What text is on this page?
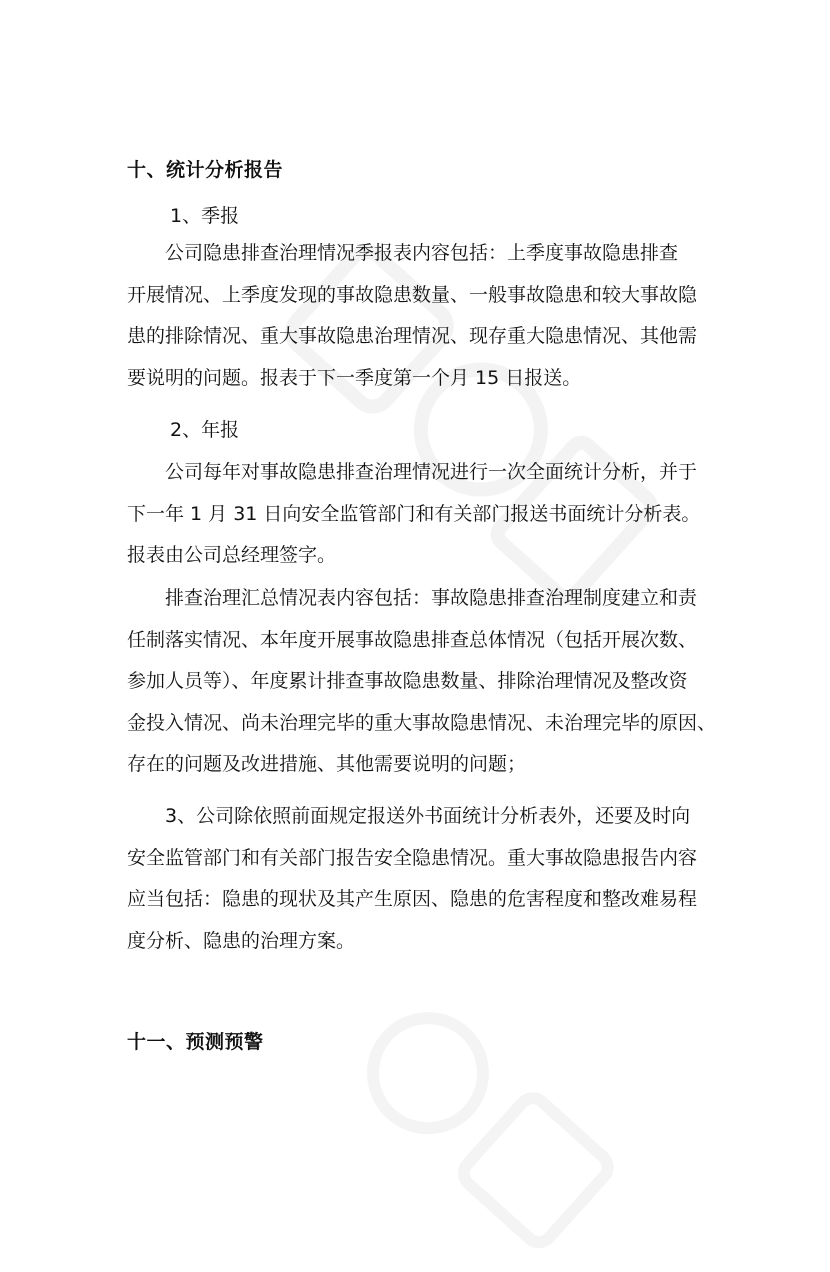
十、统计分析报告
1、季报
公司隐患排查治理情况季报表内容包括：上季度事故隐患排查
开展情况、上季度发现的事故隐患数量、一般事故隐患和较大事故隐
患的排除情况、重大事故隐患治理情况、现存重大隐患情况、其他需
要说明的问题。报表于下一季度第一个月 15 日报送。
2、年报
公司每年对事故隐患排查治理情况进行一次全面统计分析，并于
下一年 1 月 31 日向安全监管部门和有关部门报送书面统计分析表。
报表由公司总经理签字。
排查治理汇总情况表内容包括：事故隐患排查治理制度建立和责
任制落实情况、本年度开展事故隐患排查总体情况（包括开展次数、
参加人员等）、年度累计排查事故隐患数量、排除治理情况及整改资
金投入情况、尚未治理完毕的重大事故隐患情况、未治理完毕的原因、
存在的问题及改进措施、其他需要说明的问题；
3、公司除依照前面规定报送外书面统计分析表外，还要及时向
安全监管部门和有关部门报告安全隐患情况。重大事故隐患报告内容
应当包括：隐患的现状及其产生原因、隐患的危害程度和整改难易程
度分析、隐患的治理方案。
十一、预测预警
